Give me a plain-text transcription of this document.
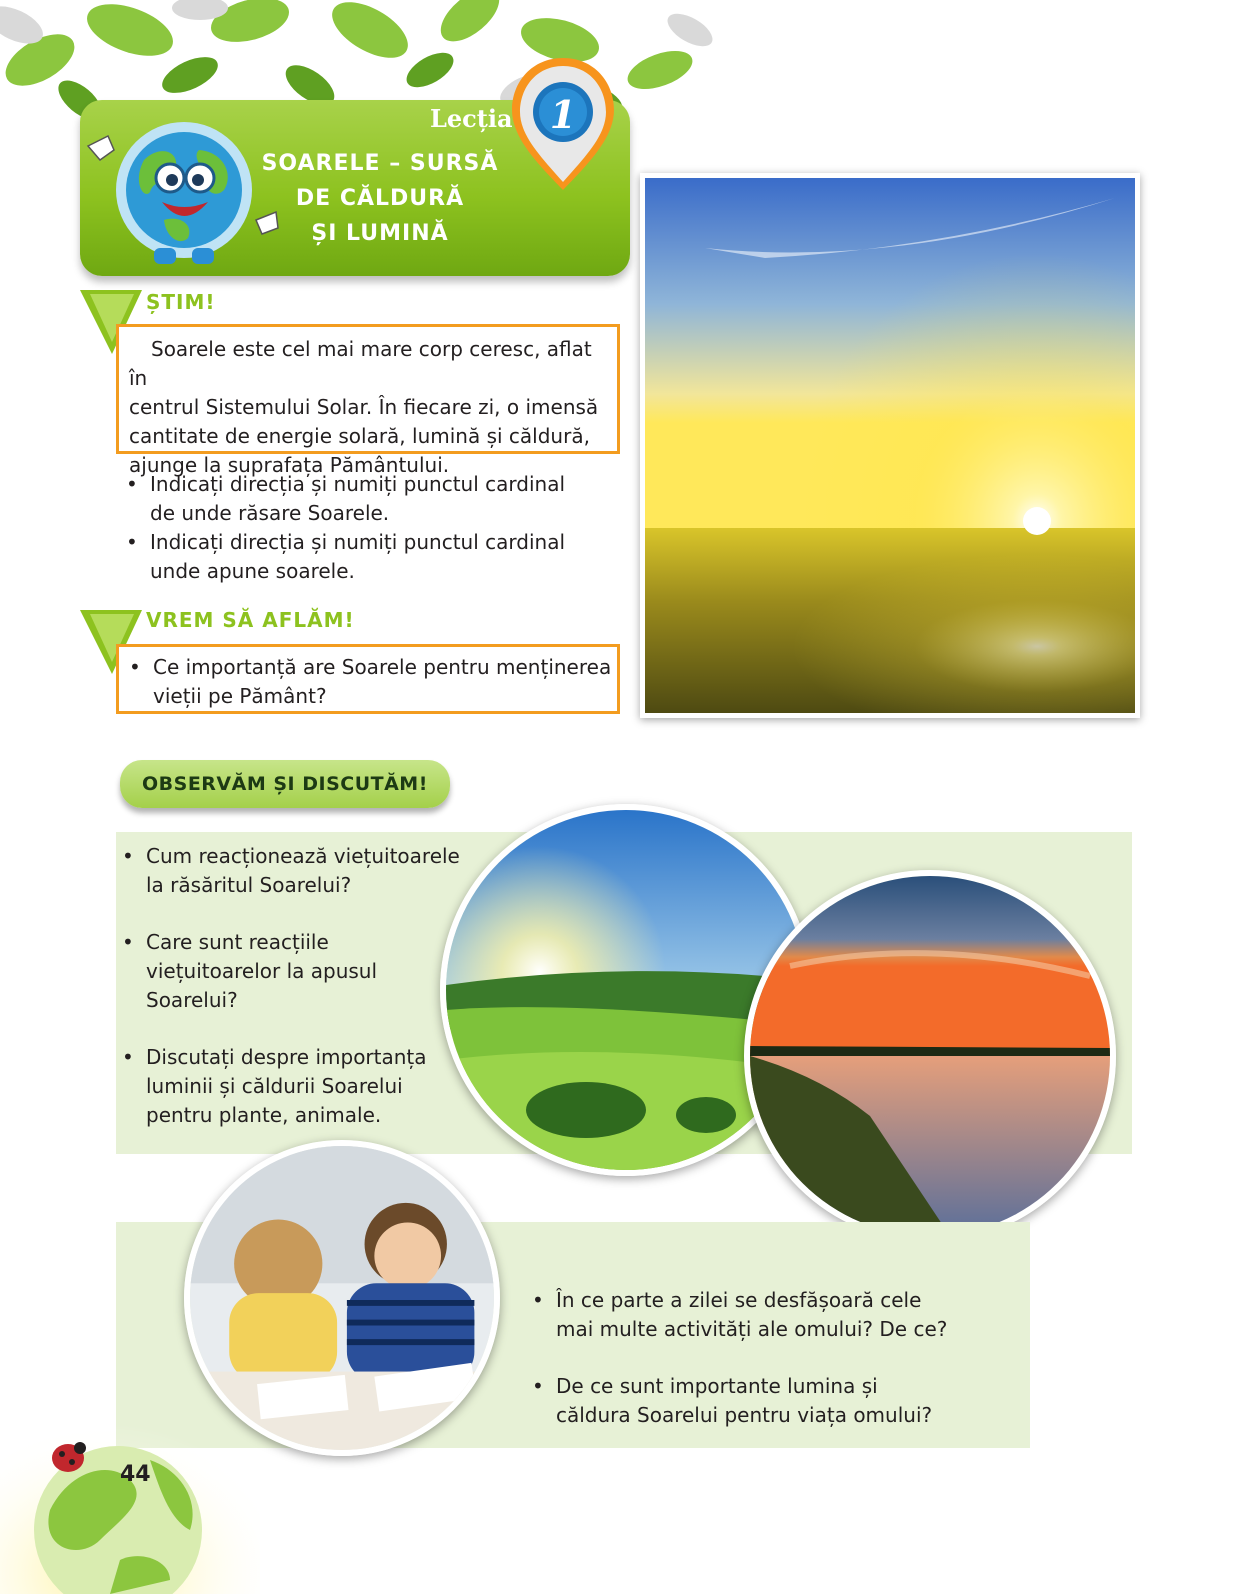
Lecția
SOARELE – SURSĂ
DE CĂLDURĂ
ȘI LUMINĂ
1
ȘTIM!
Soarele este cel mai mare corp ceresc, aflat în
centrul Sistemului Solar. În fiecare zi, o imensă
cantitate de energie solară, lumină și căldură,
ajunge la suprafața Pământului.
• Indicați direcția și numiți punctul cardinal
de unde răsare Soarele.
• Indicați direcția și numiți punctul cardinal
unde apune soarele.
VREM SĂ AFLĂM!
• Ce importanță are Soarele pentru menținerea
vieții pe Pământ?
OBSERVĂM ȘI DISCUTĂM!
• Cum reacționează viețuitoarele
la răsăritul Soarelui?
• Care sunt reacțiile
viețuitoarelor la apusul
Soarelui?
• Discutați despre importanța
luminii și căldurii Soarelui
pentru plante, animale.
• În ce parte a zilei se desfășoară cele
mai multe activități ale omului? De ce?
• De ce sunt importante lumina și
căldura Soarelui pentru viața omului?
44
